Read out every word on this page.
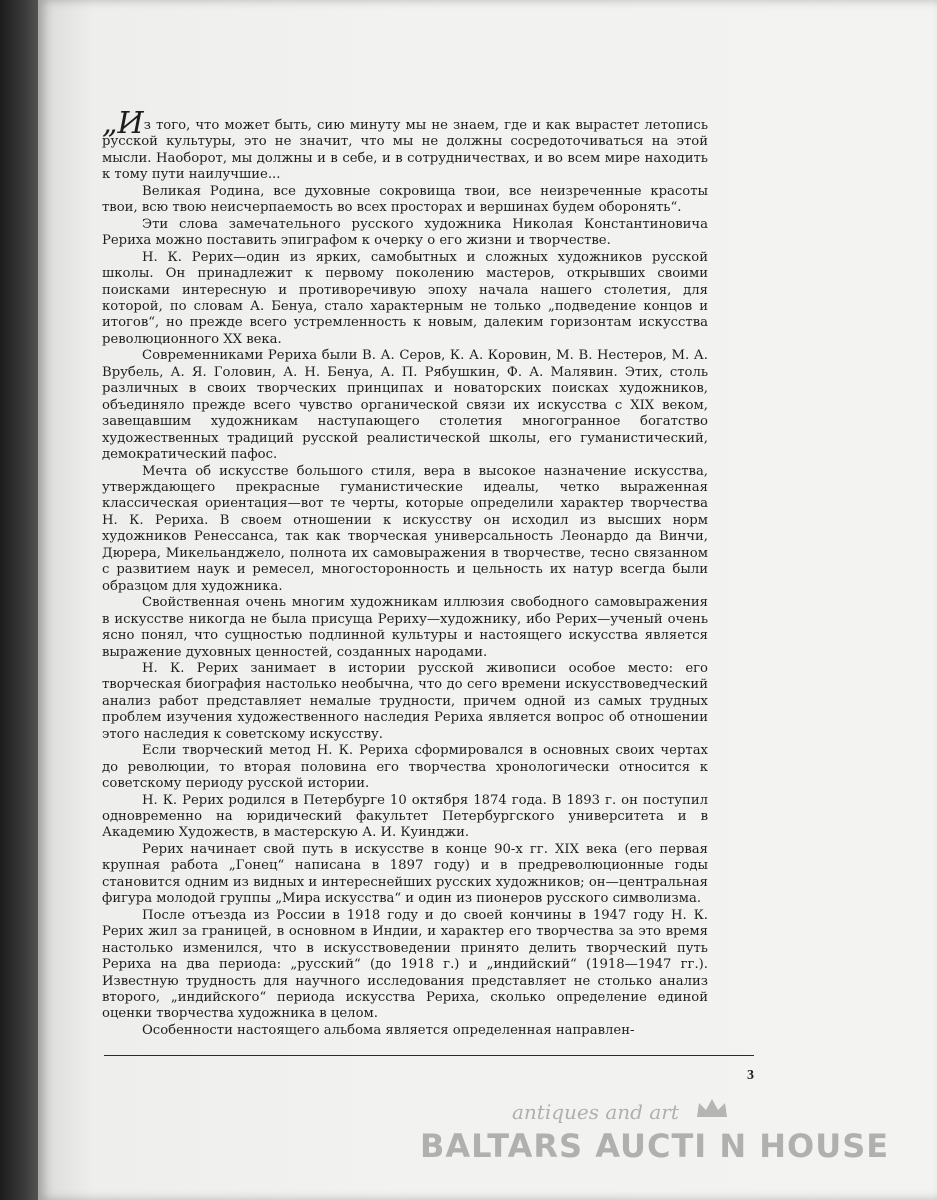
„Из того, что может быть, сию минуту мы не знаем, где и как вырастет летопись русской культуры, это не значит, что мы не должны сосредоточиваться на этой мысли. Наоборот, мы должны и в себе, и в сотрудничествах, и во всем мире находить к тому пути наилучшие...

Великая Родина, все духовные сокровища твои, все неизреченные красоты твои, всю твою неисчерпаемость во всех просторах и вершинах будем оборонять“.

Эти слова замечательного русского художника Николая Константиновича Рериха можно поставить эпиграфом к очерку о его жизни и творчестве.

Н. К. Рерих—один из ярких, самобытных и сложных художников русской школы. Он принадлежит к первому поколению мастеров, открывших своими поисками интересную и противоречивую эпоху начала нашего столетия, для которой, по словам А. Бенуа, стало характерным не только „подведение концов и итогов“, но прежде всего устремленность к новым, далеким горизонтам искусства революционного XX века.

Современниками Рериха были В. А. Серов, К. А. Коровин, М. В. Нестеров, М. А. Врубель, А. Я. Головин, А. Н. Бенуа, А. П. Рябушкин, Ф. А. Малявин. Этих, столь различных в своих творческих принципах и новаторских поисках художников, объединяло прежде всего чувство органической связи их искусства с XIX веком, завещавшим художникам наступающего столетия многогранное богатство художественных традиций русской реалистической школы, его гуманистический, демократический пафос.

Мечта об искусстве большого стиля, вера в высокое назначение искусства, утверждающего прекрасные гуманистические идеалы, четко выраженная классическая ориентация—вот те черты, которые определили характер творчества Н. К. Рериха. В своем отношении к искусству он исходил из высших норм художников Ренессанса, так как творческая универсальность Леонардо да Винчи, Дюрера, Микельанджело, полнота их самовыражения в творчестве, тесно связанном с развитием наук и ремесел, многосторонность и цельность их натур всегда были образцом для художника.

Свойственная очень многим художникам иллюзия свободного самовыражения в искусстве никогда не была присуща Рериху—художнику, ибо Рерих—ученый очень ясно понял, что сущностью подлинной культуры и настоящего искусства является выражение духовных ценностей, созданных народами.

Н. К. Рерих занимает в истории русской живописи особое место: его творческая биография настолько необычна, что до сего времени искусствоведческий анализ работ представляет немалые трудности, причем одной из самых трудных проблем изучения художественного наследия Рериха является вопрос об отношении этого наследия к советскому искусству.

Если творческий метод Н. К. Рериха сформировался в основных своих чертах до революции, то вторая половина его творчества хронологически относится к советскому периоду русской истории.

Н. К. Рерих родился в Петербурге 10 октября 1874 года. В 1893 г. он поступил одновременно на юридический факультет Петербургского университета и в Академию Художеств, в мастерскую А. И. Куинджи.

Рерих начинает свой путь в искусстве в конце 90-х гг. XIX века (его первая крупная работа „Гонец“ написана в 1897 году) и в предреволюционные годы становится одним из видных и интереснейших русских художников; он—центральная фигура молодой группы „Мира искусства“ и один из пионеров русского символизма.

После отъезда из России в 1918 году и до своей кончины в 1947 году Н. К. Рерих жил за границей, в основном в Индии, и характер его творчества за это время настолько изменился, что в искусствоведении принято делить творческий путь Рериха на два периода: „русский“ (до 1918 г.) и „индийский“ (1918—1947 гг.). Известную трудность для научного исследования представляет не столько анализ второго, „индийского“ периода искусства Рериха, сколько определение единой оценки творчества художника в целом.

Особенности настоящего альбома является определенная направлен-

3
antiques and art
BALTARS AUCTI N HOUSE
